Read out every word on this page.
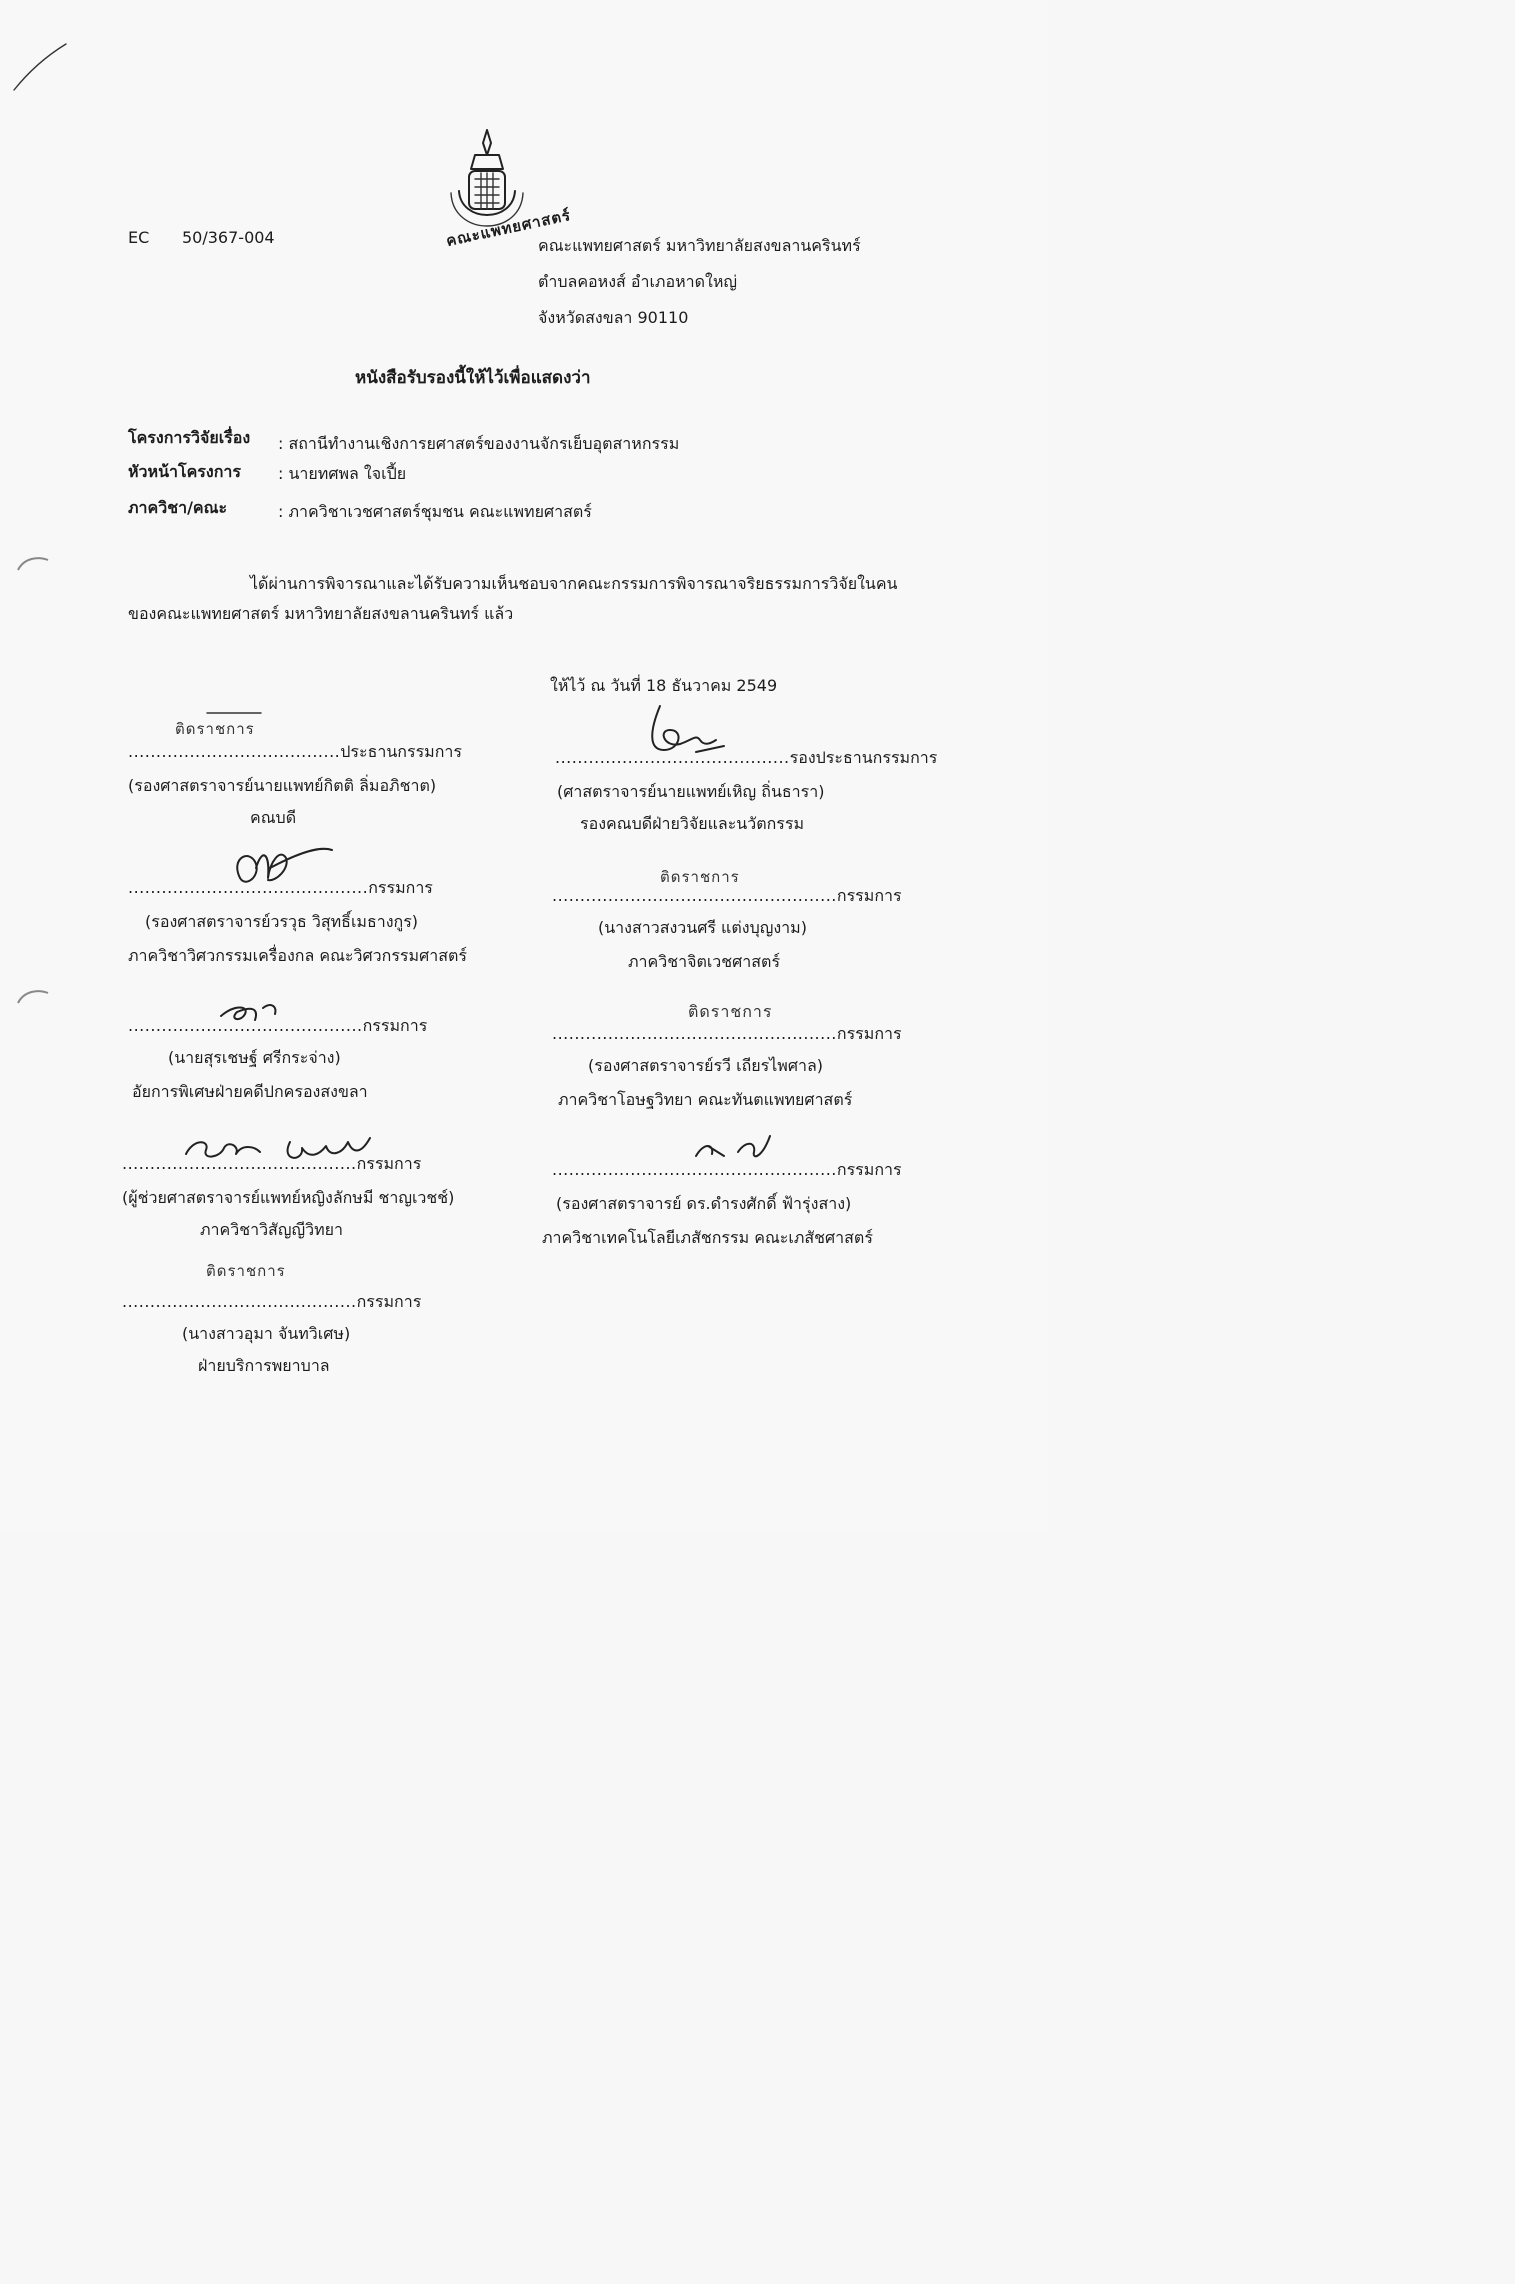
EC 50/367-004	คณะแพทยศาสตร์
คณะแพทยศาสตร์ มหาวิทยาลัยสงขลานครินทร์
ตำบลคอหงส์ อำเภอหาดใหญ่
จังหวัดสงขลา 90110
หนังสือรับรองนี้ให้ไว้เพื่อแสดงว่า
โครงการวิจัยเรื่อง : สถานีทำงานเชิงการยศาสตร์ของงานจักรเย็บอุตสาหกรรม
หัวหน้าโครงการ : นายทศพล ใจเปี้ย
ภาควิชา/คณะ	: ภาควิชาเวชศาสตร์ชุมชน คณะแพทยศาสตร์
ได้ผ่านการพิจารณาและได้รับความเห็นชอบจากคณะกรรมการพิจารณาจริยธรรมการวิจัยในคน
ของคณะแพทยศาสตร์ มหาวิทยาลัยสงขลานครินทร์ แล้ว
ให้ไว้ ณ วันที่ 18 ธันวาคม 2549
ติดราชการ
......................................ประธานกรรมการ
(รองศาสตราจารย์นายแพทย์กิตติ ลิ่มอภิชาต)
คณบดี
...........................................กรรมการ
(รองศาสตราจารย์วรวุธ วิสุทธิ์เมธางกูร)
ภาควิชาวิศวกรรมเครื่องกล คณะวิศวกรรมศาสตร์
..........................................กรรมการ
(นายสุรเชษฐ์ ศรีกระจ่าง)
อัยการพิเศษฝ่ายคดีปกครองสงขลา
..........................................กรรมการ
(ผู้ช่วยศาสตราจารย์แพทย์หญิงลักษมี ชาญเวชช์)
ภาควิชาวิสัญญีวิทยา
ติดราชการ
..........................................กรรมการ
(นางสาวอุมา จันทวิเศษ)
ฝ่ายบริการพยาบาล
..........................................รองประธานกรรมการ
(ศาสตราจารย์นายแพทย์เหิญ ถิ่นธารา)
รองคณบดีฝ่ายวิจัยและนวัตกรรม
ติดราชการ
...................................................กรรมการ
(นางสาวสงวนศรี แต่งบุญงาม)
ภาควิชาจิตเวชศาสตร์
ติดราชการ
...................................................กรรมการ
(รองศาสตราจารย์รวี เถียรไพศาล)
ภาควิชาโอษฐวิทยา คณะทันตแพทยศาสตร์
...................................................กรรมการ
(รองศาสตราจารย์ ดร.ดำรงศักดิ์ ฟ้ารุ่งสาง)
ภาควิชาเทคโนโลยีเภสัชกรรม คณะเภสัชศาสตร์
